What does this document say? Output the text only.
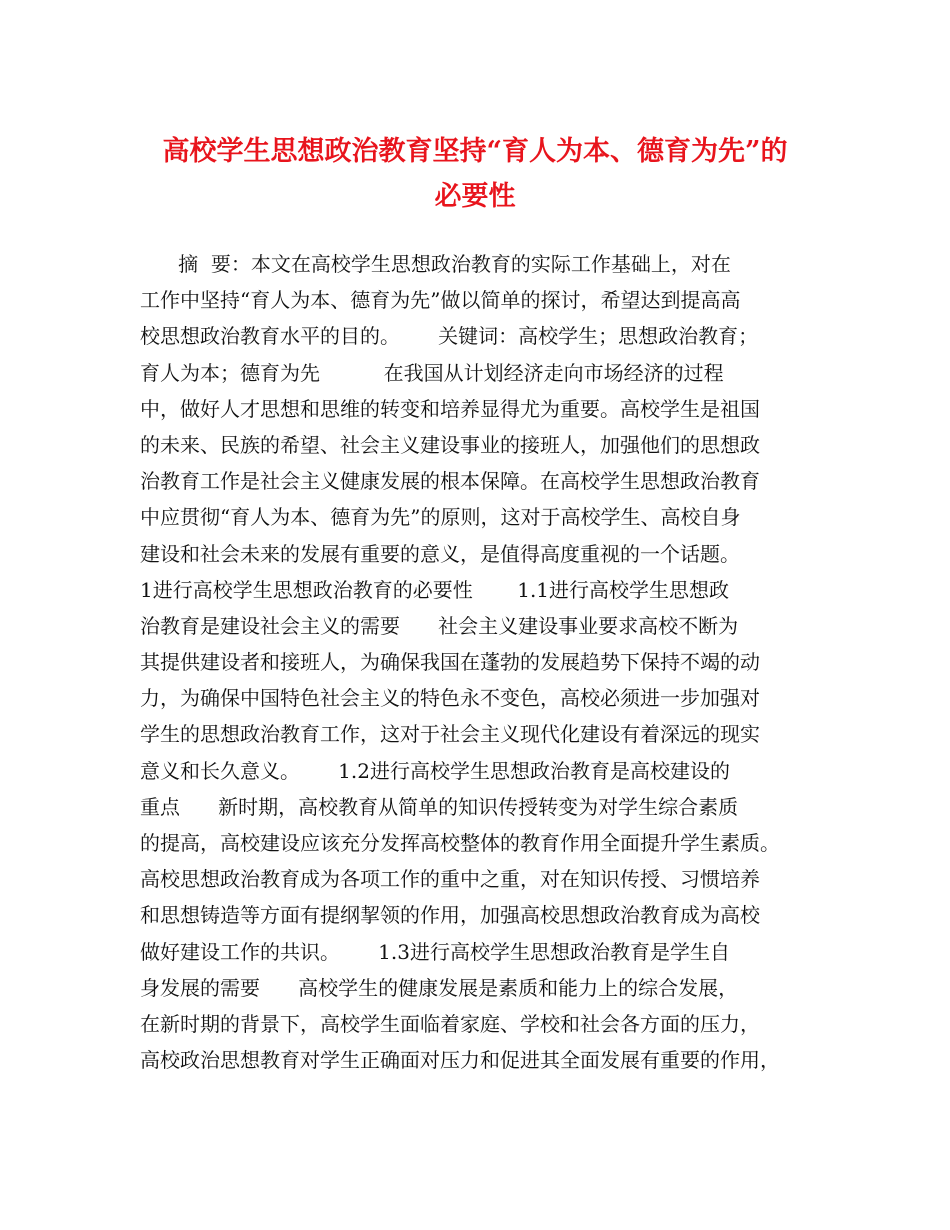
高校学生思想政治教育坚持“育人为本、德育为先”的
必要性
摘  要：本文在高校学生思想政治教育的实际工作基础上，对在
工作中坚持“育人为本、德育为先”做以简单的探讨，希望达到提高高
校思想政治教育水平的目的。      关键词：高校学生；思想政治教育；
育人为本；德育为先          在我国从计划经济走向市场经济的过程
中，做好人才思想和思维的转变和培养显得尤为重要。高校学生是祖国
的未来、民族的希望、社会主义建设事业的接班人，加强他们的思想政
治教育工作是社会主义健康发展的根本保障。在高校学生思想政治教育
中应贯彻“育人为本、德育为先”的原则，这对于高校学生、高校自身
建设和社会未来的发展有重要的意义，是值得高度重视的一个话题。
1进行高校学生思想政治教育的必要性       1.1进行高校学生思想政
治教育是建设社会主义的需要      社会主义建设事业要求高校不断为
其提供建设者和接班人，为确保我国在蓬勃的发展趋势下保持不竭的动
力，为确保中国特色社会主义的特色永不变色，高校必须进一步加强对
学生的思想政治教育工作，这对于社会主义现代化建设有着深远的现实
意义和长久意义。      1.2进行高校学生思想政治教育是高校建设的
重点      新时期，高校教育从简单的知识传授转变为对学生综合素质
的提高，高校建设应该充分发挥高校整体的教育作用全面提升学生素质。
高校思想政治教育成为各项工作的重中之重，对在知识传授、习惯培养
和思想铸造等方面有提纲挈领的作用，加强高校思想政治教育成为高校
做好建设工作的共识。      1.3进行高校学生思想政治教育是学生自
身发展的需要      高校学生的健康发展是素质和能力上的综合发展，
在新时期的背景下，高校学生面临着家庭、学校和社会各方面的压力，
高校政治思想教育对学生正确面对压力和促进其全面发展有重要的作用，
